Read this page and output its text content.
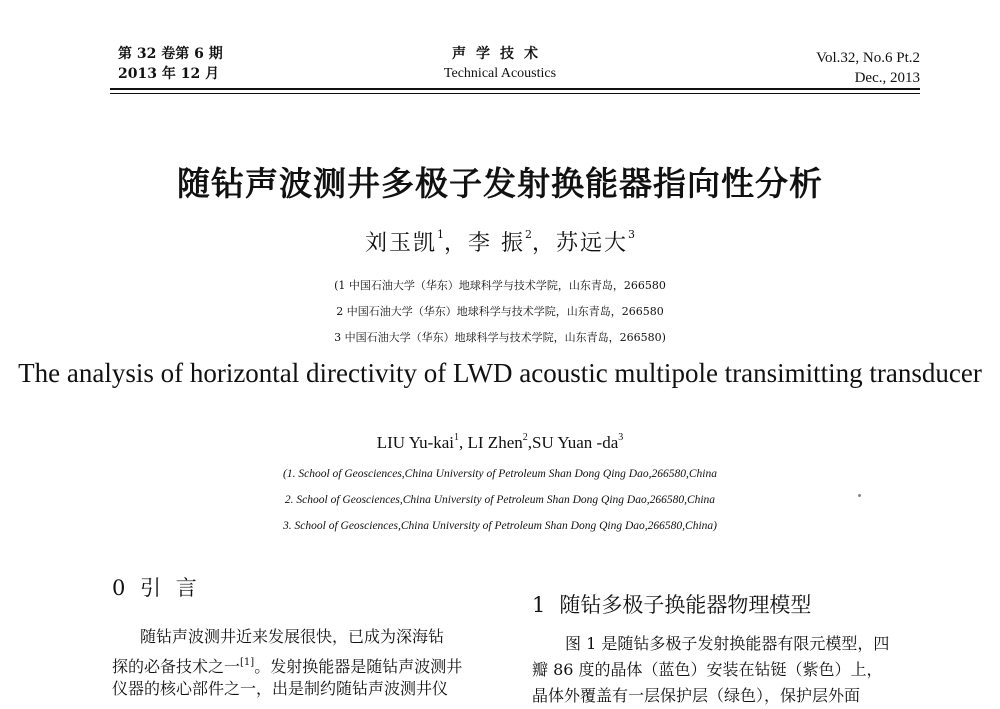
第 32 卷第 6 期
2013 年 12 月
声学技术
Technical Acoustics
Vol.32, No.6 Pt.2
Dec., 2013
随钻声波测井多极子发射换能器指向性分析
刘玉凯$^1$，李 振$^2$，苏远大$^3$
(1 中国石油大学（华东）地球科学与技术学院，山东青岛，266580
2 中国石油大学（华东）地球科学与技术学院，山东青岛，266580
3 中国石油大学（华东）地球科学与技术学院，山东青岛，266580)
The analysis of horizontal directivity of LWD acoustic multipole transimitting transducer
LIU Yu-kai$^1$, LI Zhen$^2$,SU Yuan $-da^3$
(1. School of Geosciences,China University of Petroleum Shan Dong Qing Dao,266580,China
2. School of Geosciences,China University of Petroleum Shan Dong Qing Dao,266580,China
3. School of Geosciences,China University of Petroleum Shan Dong Qing Dao,266580,China)
0 引 言
随钻声波测井近来发展很快，已成为深海钻
探的必备技术之一[1]。发射换能器是随钻声波测井
仪器的核心部件之一，出是制约随钻声波测井仪
1 随钻多极子换能器物理模型
图 1 是随钻多极子发射换能器有限元模型，四
瓣 86 度的晶体（蓝色）安装在钻铤（紫色）上，
晶体外覆盖有一层保护层（绿色），保护层外面
